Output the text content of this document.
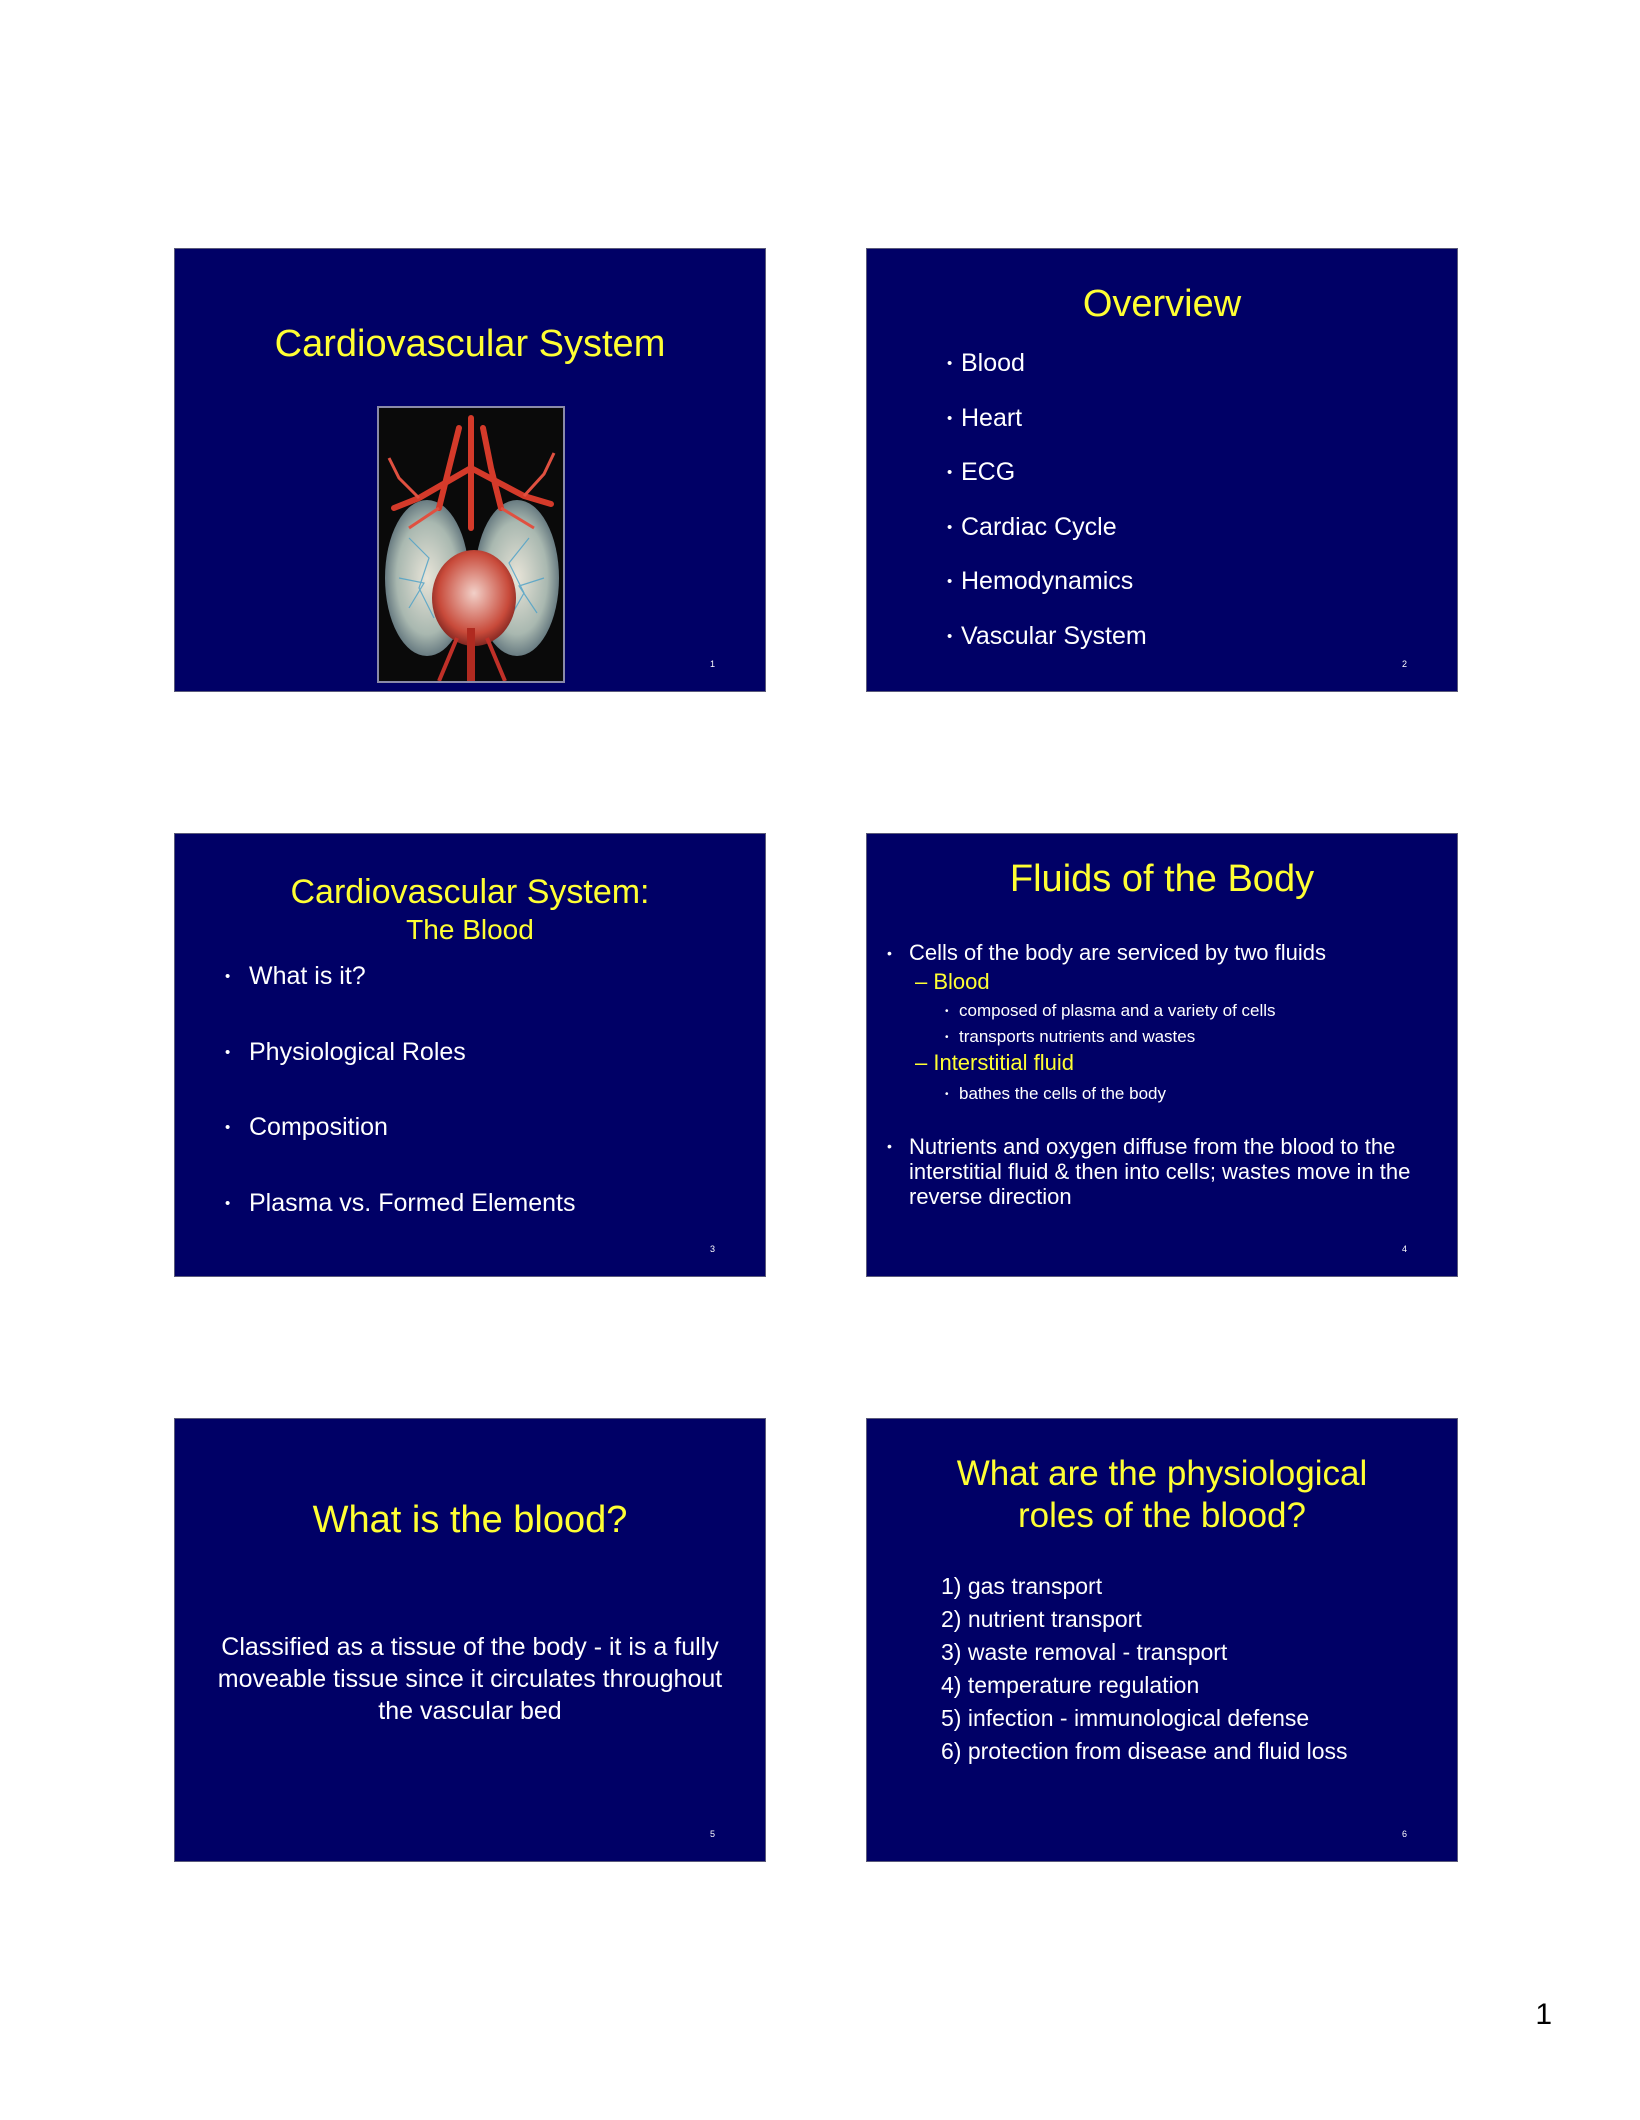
Cardiovascular System
1
Overview
• Blood
• Heart
• ECG
• Cardiac Cycle
• Hemodynamics
• Vascular System
2
Cardiovascular System:
The Blood
• What is it?
• Physiological Roles
• Composition
• Plasma vs. Formed Elements
3
Fluids of the Body
• Cells of the body are serviced by two fluids
– Blood
• composed of plasma and a variety of cells
• transports nutrients and wastes
– Interstitial fluid
• bathes the cells of the body
• Nutrients and oxygen diffuse from the blood to the interstitial fluid & then into cells; wastes move in the reverse direction
4
What is the blood?
Classified as a tissue of the body - it is a fully moveable tissue since it circulates throughout the vascular bed
5
What are the physiological roles of the blood?
1) gas transport
2) nutrient transport
3) waste removal - transport
4) temperature regulation
5) infection - immunological defense
6) protection from disease and fluid loss
6
1
